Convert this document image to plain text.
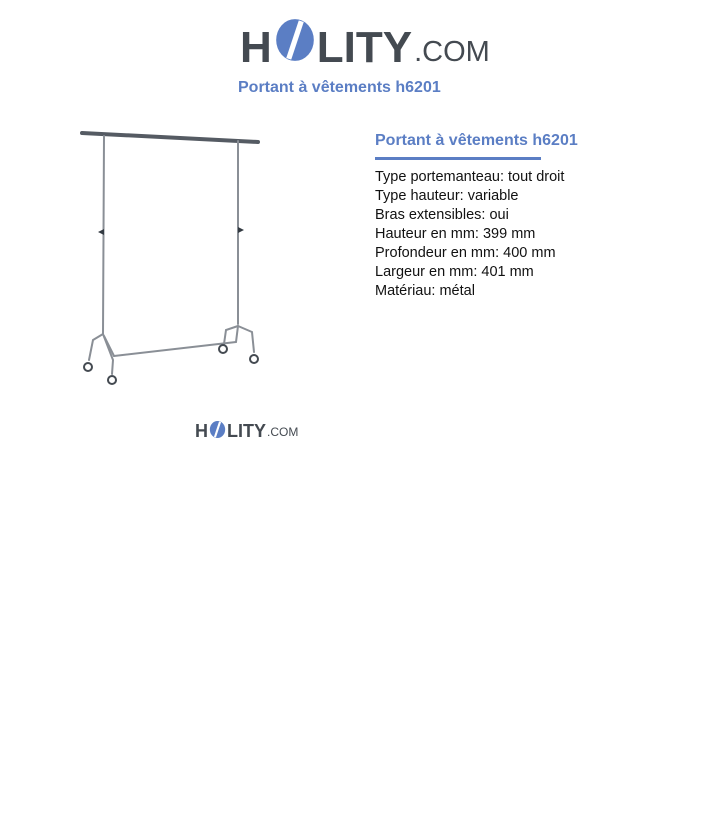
H LITY .COM
Portant à vêtements h6201
H LITY .COM
Portant à vêtements h6201
Type portemanteau: tout droit
Type hauteur: variable
Bras extensibles: oui
Hauteur en mm: 399 mm
Profondeur en mm: 400 mm
Largeur en mm: 401 mm
Matériau: métal
